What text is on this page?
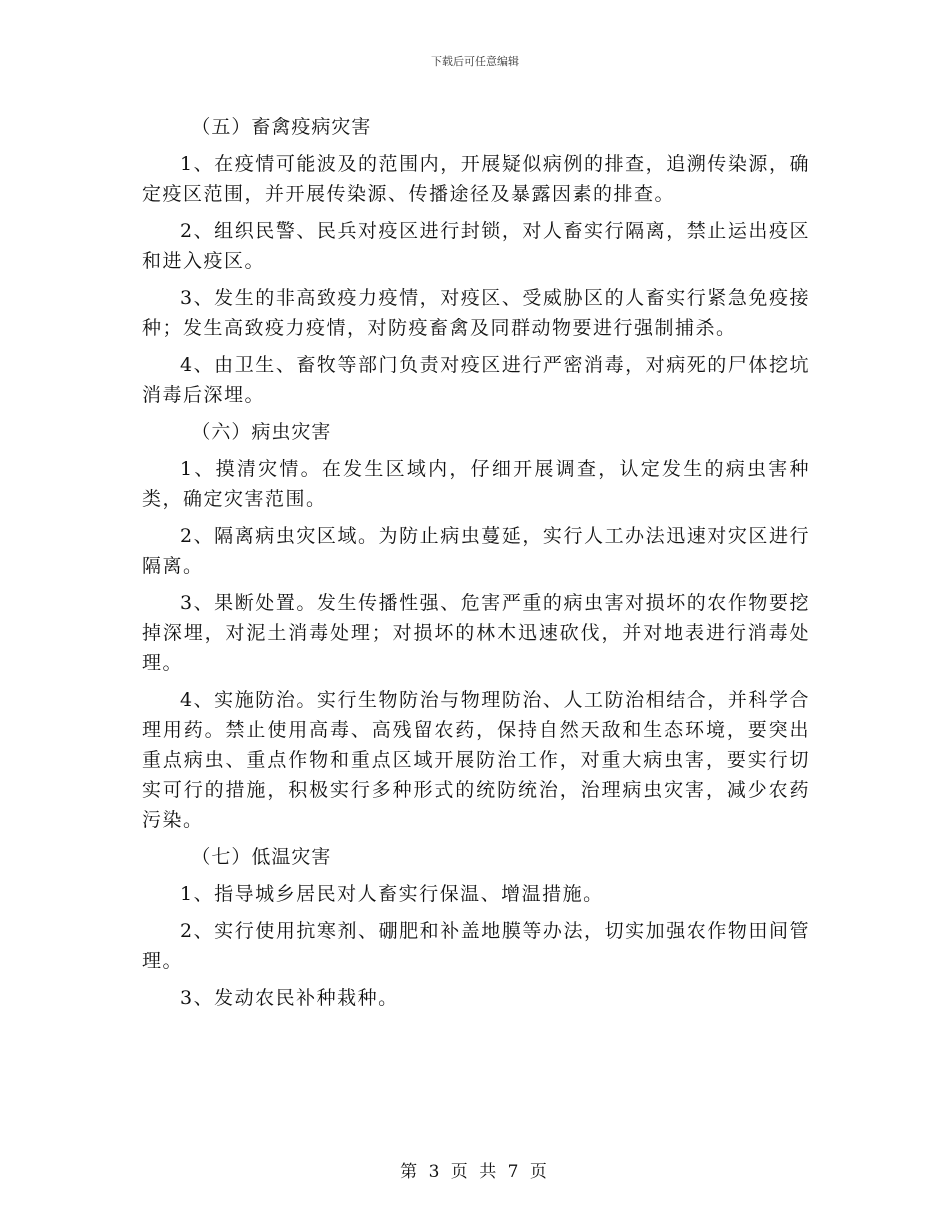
下载后可任意编辑

（五）畜禽疫病灾害

1、在疫情可能波及的范围内，开展疑似病例的排查，追溯传染源，确定疫区范围，并开展传染源、传播途径及暴露因素的排查。

2、组织民警、民兵对疫区进行封锁，对人畜实行隔离，禁止运出疫区和进入疫区。

3、发生的非高致疫力疫情，对疫区、受威胁区的人畜实行紧急免疫接种；发生高致疫力疫情，对防疫畜禽及同群动物要进行强制捕杀。

4、由卫生、畜牧等部门负责对疫区进行严密消毒，对病死的尸体挖坑消毒后深埋。

（六）病虫灾害

1、摸清灾情。在发生区域内，仔细开展调查，认定发生的病虫害种类，确定灾害范围。

2、隔离病虫灾区域。为防止病虫蔓延，实行人工办法迅速对灾区进行隔离。

3、果断处置。发生传播性强、危害严重的病虫害对损坏的农作物要挖掉深埋，对泥土消毒处理；对损坏的林木迅速砍伐，并对地表进行消毒处理。

4、实施防治。实行生物防治与物理防治、人工防治相结合，并科学合理用药。禁止使用高毒、高残留农药，保持自然天敌和生态环境，要突出重点病虫、重点作物和重点区域开展防治工作，对重大病虫害，要实行切实可行的措施，积极实行多种形式的统防统治，治理病虫灾害，减少农药污染。

（七）低温灾害

1、指导城乡居民对人畜实行保温、增温措施。

2、实行使用抗寒剂、硼肥和补盖地膜等办法，切实加强农作物田间管理。

3、发动农民补种栽种。

第 3 页 共 7 页
